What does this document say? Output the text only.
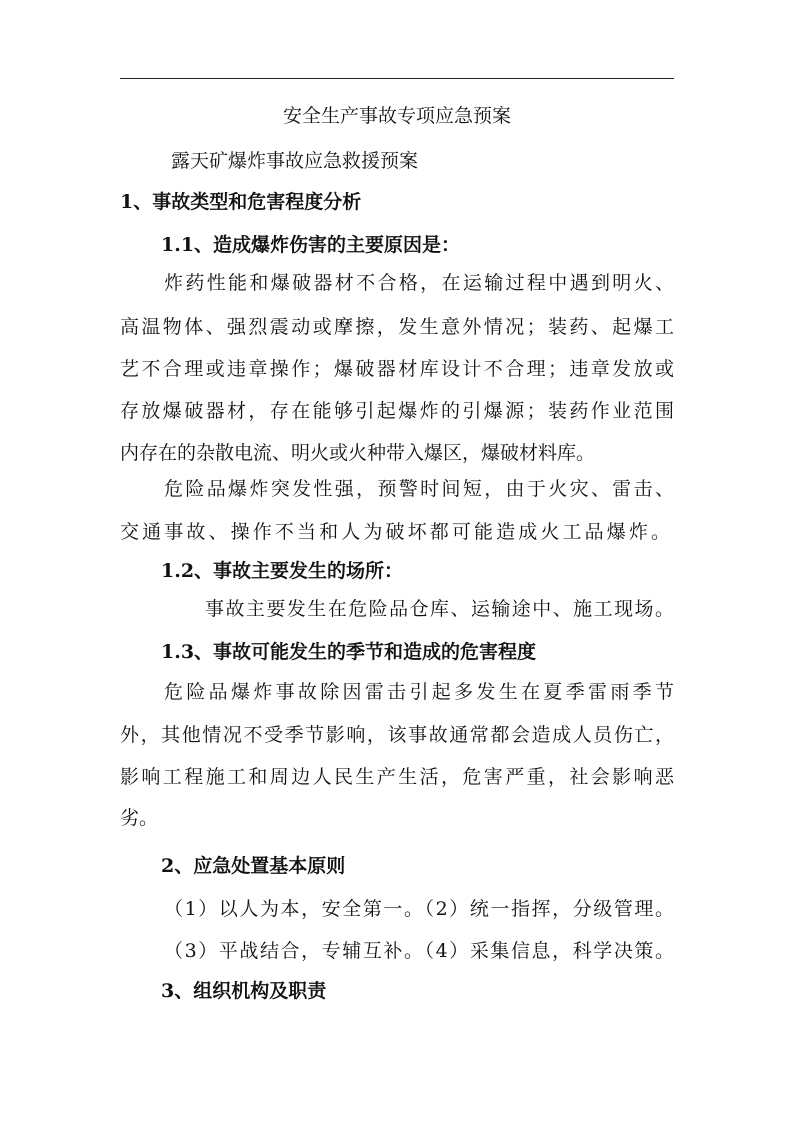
安全生产事故专项应急预案
露天矿爆炸事故应急救援预案
1、事故类型和危害程度分析
1.1、造成爆炸伤害的主要原因是：
炸药性能和爆破器材不合格，在运输过程中遇到明火、
高温物体、强烈震动或摩擦，发生意外情况；装药、起爆工
艺不合理或违章操作；爆破器材库设计不合理；违章发放或
存放爆破器材，存在能够引起爆炸的引爆源；装药作业范围
内存在的杂散电流、明火或火种带入爆区，爆破材料库。
危险品爆炸突发性强，预警时间短，由于火灾、雷击、
交通事故、操作不当和人为破坏都可能造成火工品爆炸。
1.2、事故主要发生的场所：
事故主要发生在危险品仓库、运输途中、施工现场。
1.3、事故可能发生的季节和造成的危害程度
危险品爆炸事故除因雷击引起多发生在夏季雷雨季节
外，其他情况不受季节影响，该事故通常都会造成人员伤亡，
影响工程施工和周边人民生产生活，危害严重，社会影响恶
劣。
2、应急处置基本原则
（1）以人为本，安全第一。（2）统一指挥，分级管理。
（3）平战结合，专辅互补。（4）采集信息，科学决策。
3、组织机构及职责
